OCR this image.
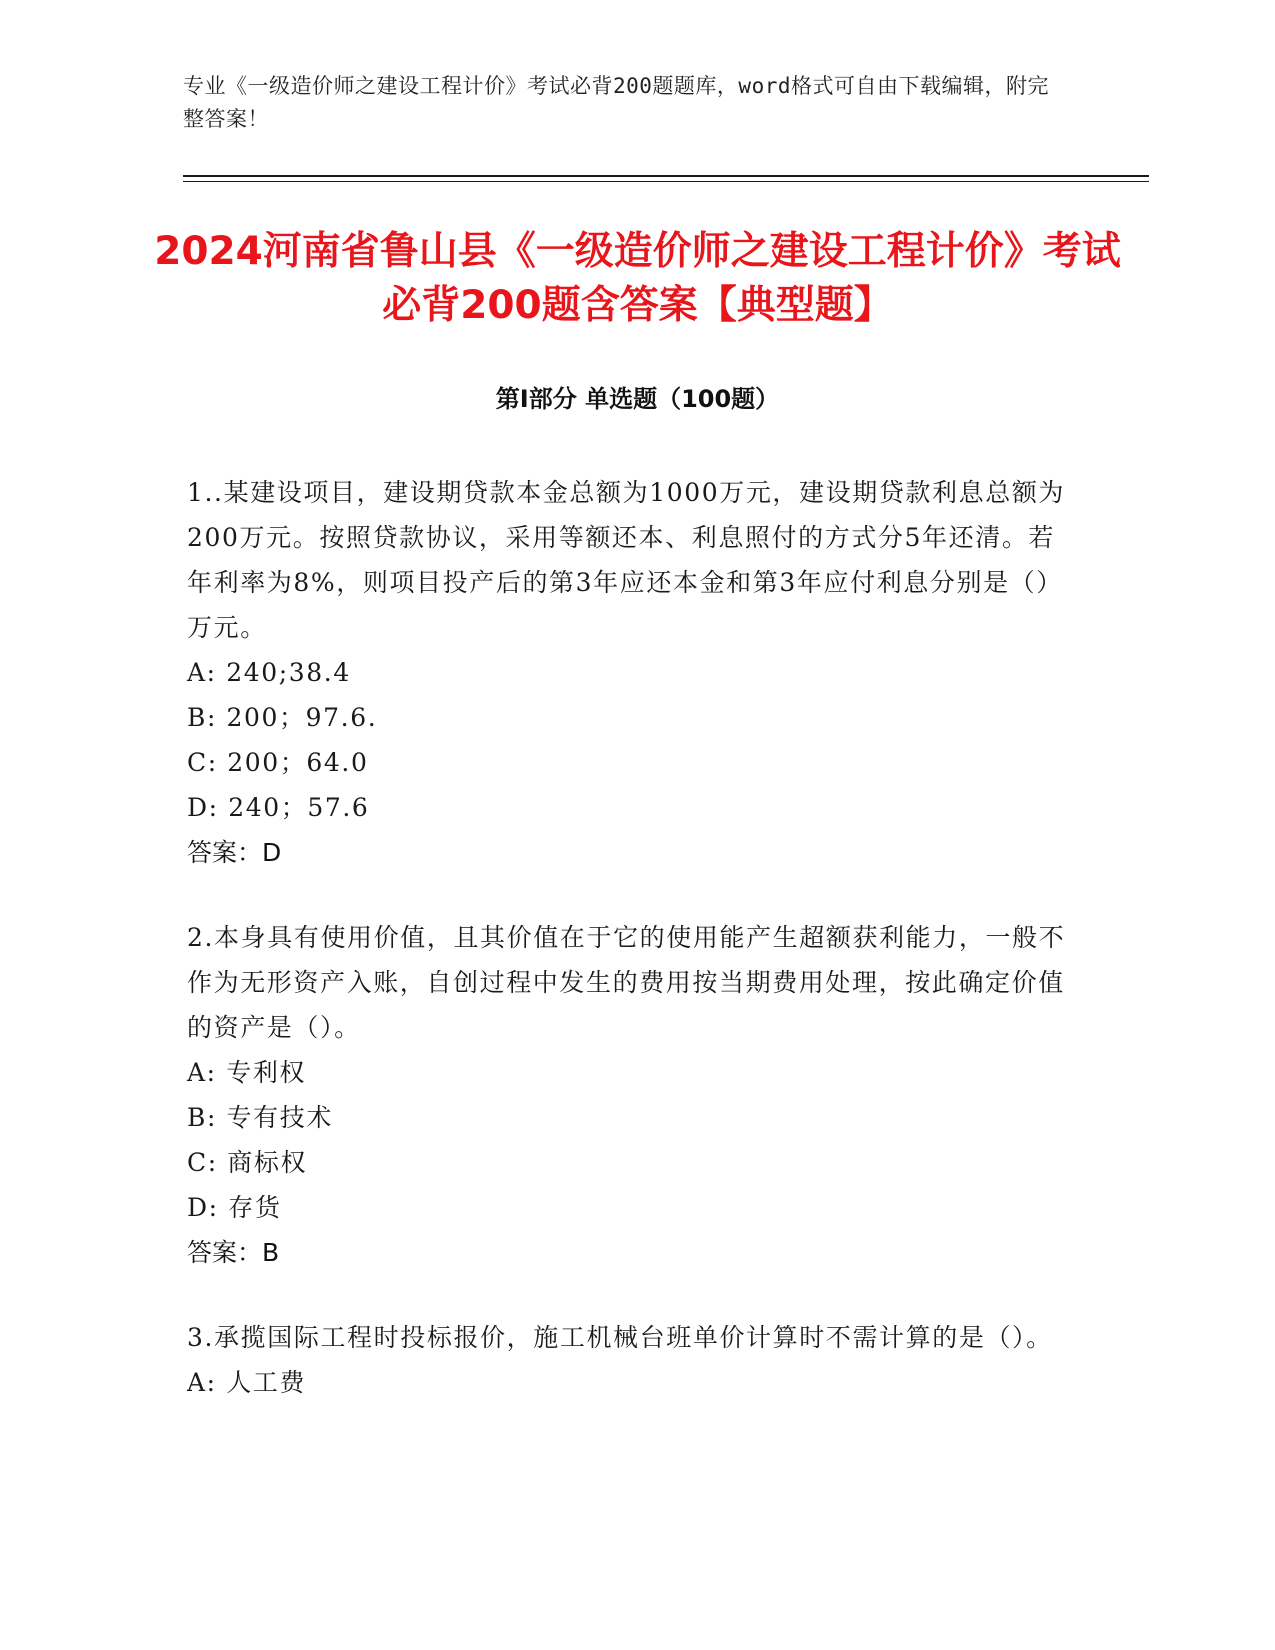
专业《一级造价师之建设工程计价》考试必背200题题库，word格式可自由下载编辑，附完整答案！
2024河南省鲁山县《一级造价师之建设工程计价》考试必背200题含答案【典型题】
第I部分 单选题（100题）
1..某建设项目，建设期贷款本金总额为1000万元，建设期贷款利息总额为200万元。按照贷款协议，采用等额还本、利息照付的方式分5年还清。若年利率为8%，则项目投产后的第3年应还本金和第3年应付利息分别是（）万元。
A: 240;38.4
B: 200；97.6.
C: 200；64.0
D: 240；57.6
答案：D
2.本身具有使用价值，且其价值在于它的使用能产生超额获利能力，一般不作为无形资产入账，自创过程中发生的费用按当期费用处理，按此确定价值的资产是（）。
A: 专利权
B: 专有技术
C: 商标权
D: 存货
答案：B
3.承揽国际工程时投标报价，施工机械台班单价计算时不需计算的是（）。
A: 人工费
